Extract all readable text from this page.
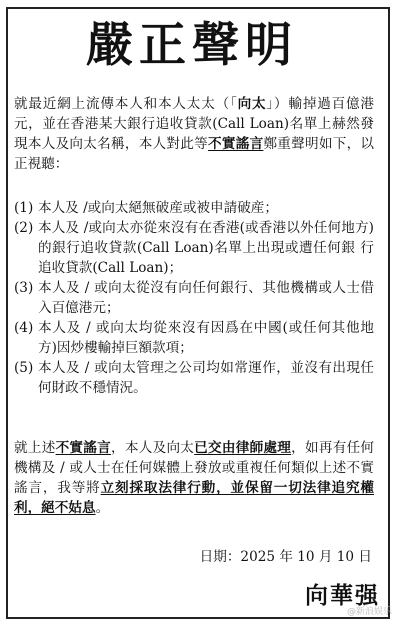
嚴正聲明
就最近網上流傳本人和本人太太（「向太」）輸掉過百億港元，並在香港某大銀行追收貸款(Call Loan)名單上赫然發現本人及向太名稱，本人對此等不實謠言鄭重聲明如下，以正視聽：
(1) 本人及 /或向太絕無破産或被申請破産；
(2) 本人及 /或向太亦從來沒有在香港(或香港以外任何地方)的銀行追收貸款(Call Loan)名單上出現或遭任何銀 行追收貸款(Call Loan)；
(3) 本人及 / 或向太從沒有向任何銀行、其他機構或人士借入百億港元；
(4) 本人及 / 或向太均從來沒有因爲在中國(或任何其他地方)因炒樓輸掉巨額款項；
(5) 本人及 / 或向太管理之公司均如常運作，並沒有出現任何財政不穩情況。
就上述不實謠言，本人及向太已交由律師處理，如再有任何機構及 / 或人士在任何媒體上發放或重複任何類似上述不實謠言，我等將立刻採取法律行動，並保留一切法律追究權利，絕不姑息。
日期：2025 年 10 月 10 日
向華强
@新浪娱乐
